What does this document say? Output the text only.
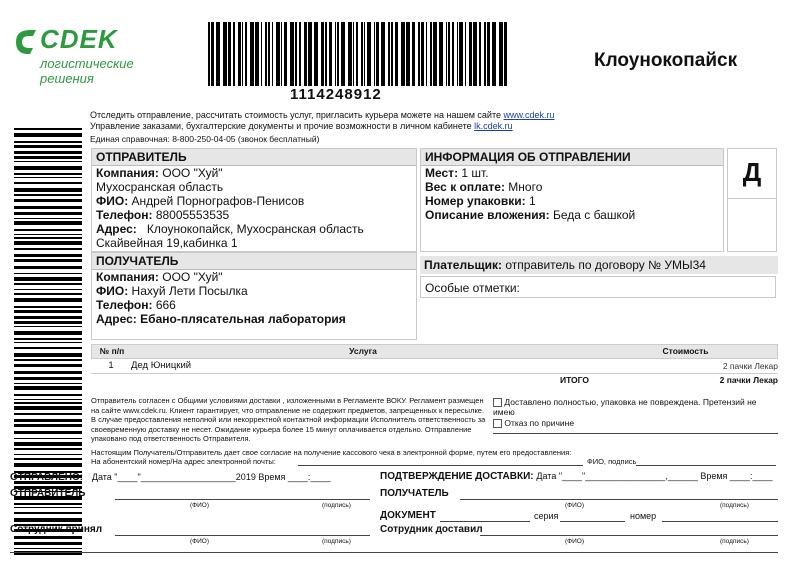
CDEK
логистические
решения
1114248912
Клоунокопайск
Отследить отправление, рассчитать стоимость услуг, пригласить курьера можете на нашем сайте www.cdek.ru
Управление заказами, бухгалтерские документы и прочие возможности в личном кабинете lk.cdek.ru
Единая справочная: 8-800-250-04-05 (звонок бесплатный)
ОТПРАВИТЕЛЬ
Компания: ООО "Хуй"
Мухосранская область
ФИО: Андрей Порнографов-Пенисов
Телефон: 88005553535
Адрес: Клоунокопайск, Мухосранская область
Скайвейная 19,кабинка 1
ИНФОРМАЦИЯ ОБ ОТПРАВЛЕНИИ
Мест: 1 шт.
Вес к оплате: Много
Номер упаковки: 1
Описание вложения: Беда с башкой
Д
ПОЛУЧАТЕЛЬ
Компания: ООО "Хуй"
ФИО: Нахуй Лети Посылка
Телефон: 666
Адрес: Ебано-плясательная лаборатория
Плательщик: отправитель по договору № УМЫ34
Особые отметки:
№ п/п	Услуга	Стоимость
1	Дед Юницкий	2 пачки Лекар
ИТОГО	2 пачки Лекар
Отправитель согласен с Общими условиями доставки , изложенными в Регламенте ВОКУ. Регламент размещен на сайте www.cdek.ru. Клиент гарантирует, что отправление не содержит предметов, запрещенных к пересылке. В случае предоставления неполной или некорректной контактной информации Исполнитель ответственность за своевременную доставку не несет. Ожидание курьера более 15 минут оплачивается отдельно. Отправление упаковано под ответственность Отправителя.
Доставлено полностью, упаковка не повреждена. Претензий не имею
Отказ по причине
Настоящим Получатель/Отправитель дает свое согласие на получение кассового чека в электронной форме, путем его предоставления:
На абонентский номер/На адрес электронной почты:	ФИО, подпись
ОТПРАВЛЕНО: Дата "____"___________________2019 Время ____:____
ОТПРАВИТЕЛЬ
(ФИО)	(подпись)
Сотрудник принял
(ФИО)	(подпись)
ПОДТВЕРЖДЕНИЕ ДОСТАВКИ: Дата "____"________________,______ Время ____:____
ПОЛУЧАТЕЛЬ
(ФИО)	(подпись)
ДОКУМЕНТ	серия	номер
Сотрудник доставил
(ФИО)	(подпись)
